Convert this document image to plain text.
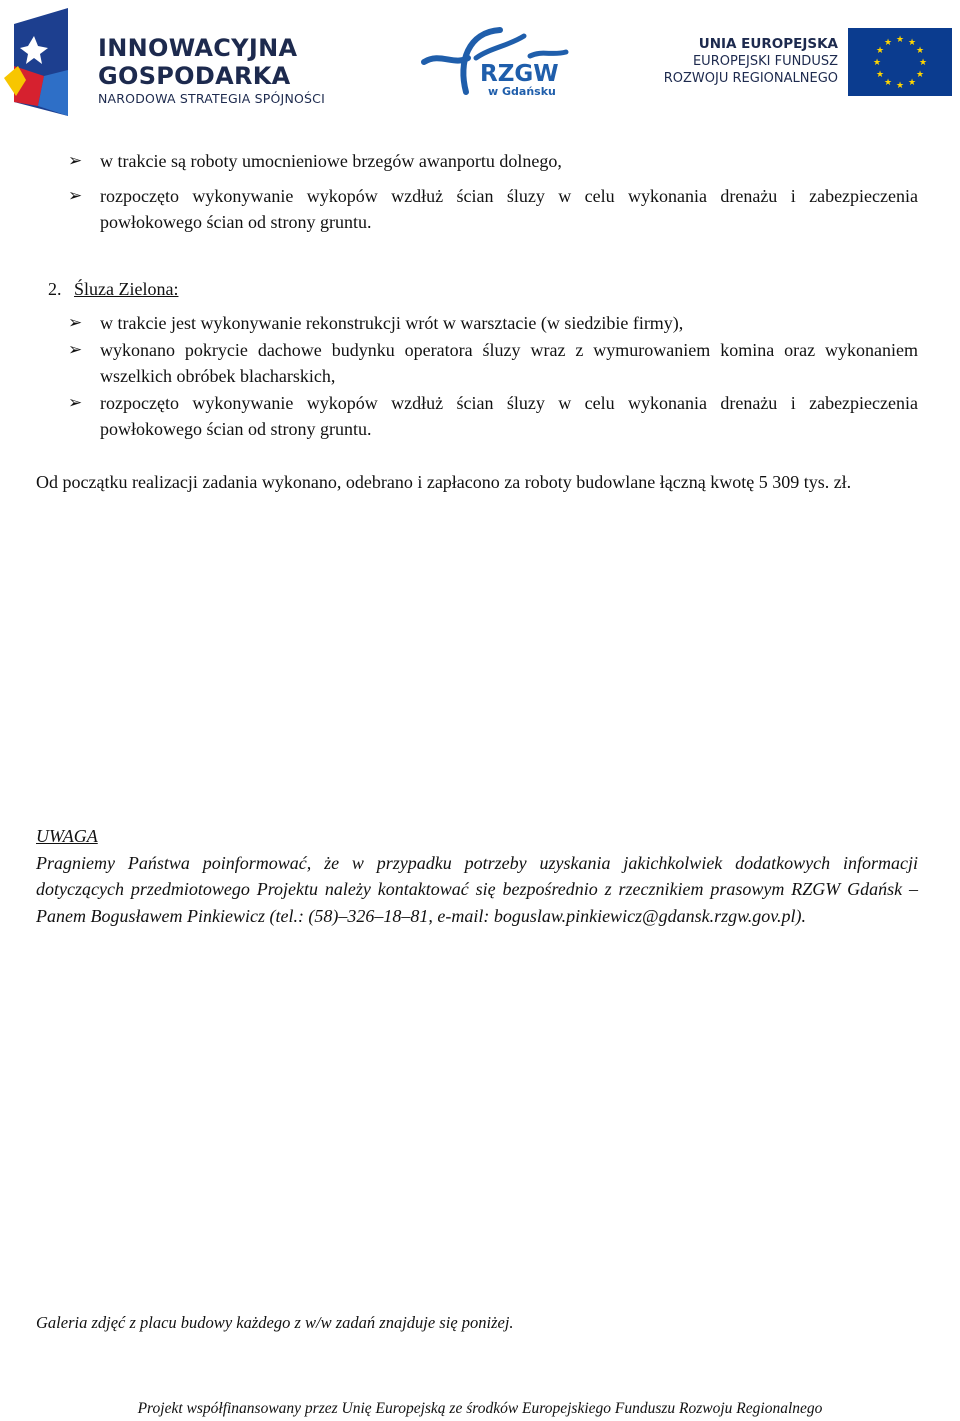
INNOWACYJNA
GOSPODARKA
NARODOWA STRATEGIA SPÓJNOŚCI
RZGW
w Gdańsku
UNIA EUROPEJSKA
EUROPEJSKI FUNDUSZ
ROZWOJU REGIONALNEGO
★ ★
★
★
★
★
★
★
★
★
★
★
➢ w trakcie są roboty umocnieniowe brzegów awanportu dolnego,
➢ rozpoczęto wykonywanie wykopów wzdłuż ścian śluzy w celu wykonania drenażu i zabezpieczenia powłokowego ścian od strony gruntu.
2. Śluza Zielona:
➢ w trakcie jest wykonywanie rekonstrukcji wrót w warsztacie (w siedzibie firmy),
➢ wykonano pokrycie dachowe budynku operatora śluzy wraz z wymurowaniem komina oraz wykonaniem wszelkich obróbek blacharskich,
➢ rozpoczęto wykonywanie wykopów wzdłuż ścian śluzy w celu wykonania drenażu i zabezpieczenia powłokowego ścian od strony gruntu.

Od początku realizacji zadania wykonano, odebrano i zapłacono za roboty budowlane łączną kwotę 5 309 tys. zł.

UWAGA
Pragniemy Państwa poinformować, że w przypadku potrzeby uzyskania jakichkolwiek dodatkowych informacji dotyczących przedmiotowego Projektu należy kontaktować się bezpośrednio z rzecznikiem prasowym RZGW Gdańsk – Panem Bogusławem Pinkiewicz (tel.: (58)–326–18–81, e-mail: boguslaw.pinkiewicz@gdansk.rzgw.gov.pl).
Galeria zdjęć z placu budowy każdego z w/w zadań znajduje się poniżej.
Projekt współfinansowany przez Unię Europejską ze środków Europejskiego Funduszu Rozwoju Regionalnego
